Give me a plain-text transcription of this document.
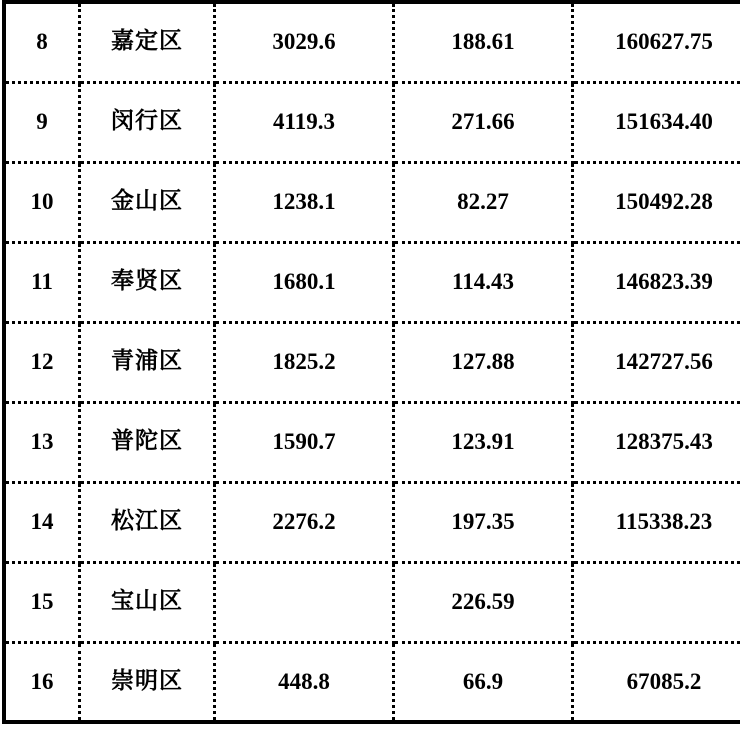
8	嘉定区	3029.6	188.61	160627.75
9	闵行区	4119.3	271.66	151634.40
10	金山区	1238.1	82.27	150492.28
11	奉贤区	1680.1	114.43	146823.39
12	青浦区	1825.2	127.88	142727.56
13	普陀区	1590.7	123.91	128375.43
14	松江区	2276.2	197.35	115338.23
15	宝山区		226.59	
16	崇明区	448.8	66.9	67085.2
